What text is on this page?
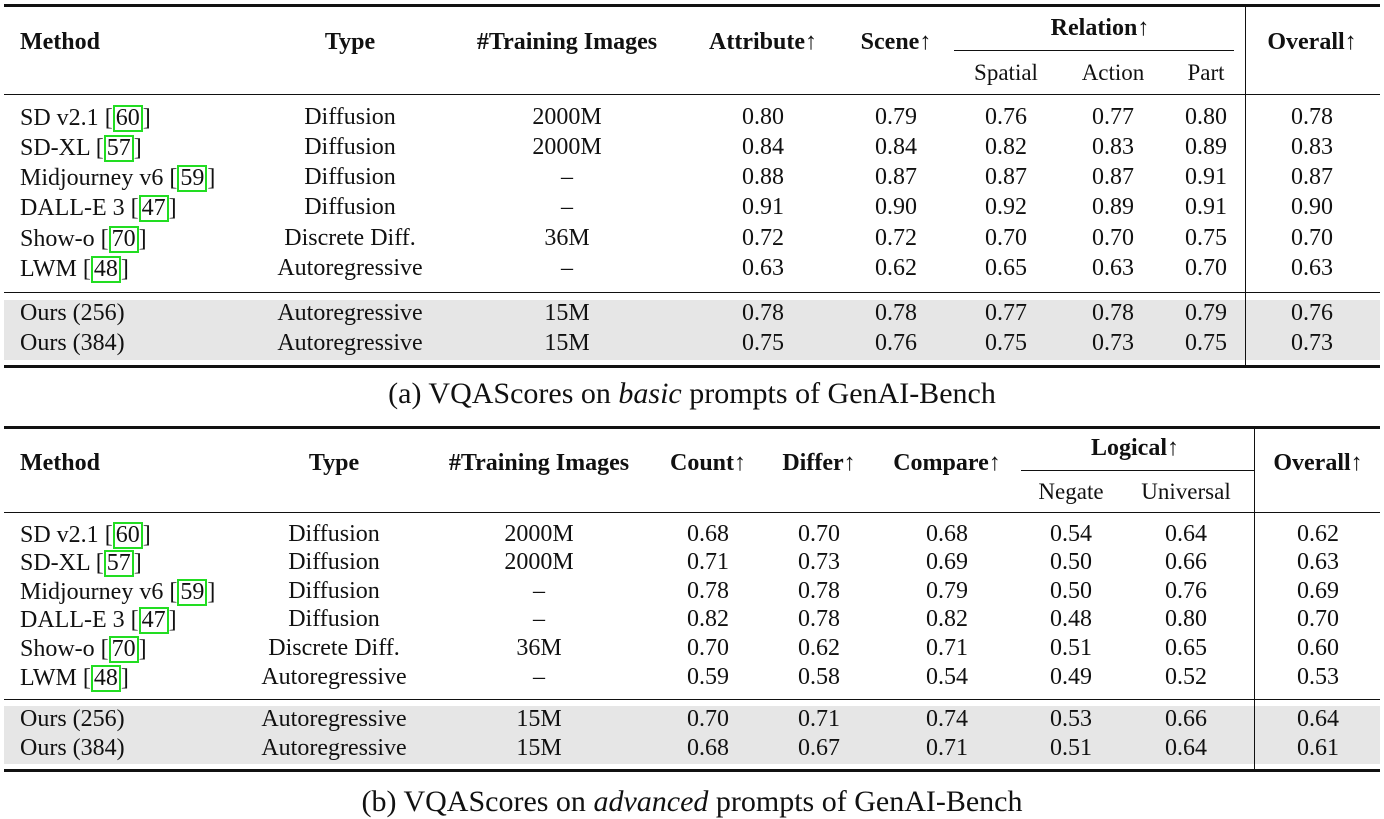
Method	Type	#Training Images Attribute↑ Scene↑
Relation↑
Spatial Action Part
Overall↑
SD v2.1 [ 60 ]	Diffusion	2000M	0.80	0.79	0.76	0.77 0.80	0.78
SD-XL [ 57 ]	Diffusion	2000M	0.84	0.84	0.82	0.83 0.89	0.83
Midjourney v6 [ 59 ]	Diffusion	–	0.88	0.87	0.87	0.87 0.91	0.87
DALL-E 3 [ 47 ]	Diffusion	–	0.91	0.90	0.92	0.89 0.91	0.90
Show-o [ 70 ]	Discrete Diff.	36M	0.72	0.72	0.70	0.70 0.75	0.70
LWM [ 48 ]	Autoregressive	–	0.63	0.62	0.65	0.63 0.70	0.63
Ours (256)	Autoregressive	15M	0.78	0.78	0.77	0.78 0.79	0.76
Ours (384)	Autoregressive	15M	0.75	0.76	0.75	0.73 0.75	0.73
(a) VQAScores on basic prompts of GenAI-Bench
Method	Type	#Training Images Count↑ Differ↑ Compare↑
Logical↑
Negate Universal
Overall↑
SD v2.1 [ 60 ]	Diffusion	2000M	0.68	0.70	0.68	0.54	0.64	0.62
SD-XL [ 57 ]	Diffusion	2000M	0.71	0.73	0.69	0.50	0.66	0.63
Midjourney v6 [ 59 ]	Diffusion	–	0.78	0.78	0.79	0.50	0.76	0.69
DALL-E 3 [ 47 ]	Diffusion	–	0.82	0.78	0.82	0.48	0.80	0.70
Show-o [ 70 ]	Discrete Diff.	36M	0.70	0.62	0.71	0.51	0.65	0.60
LWM [ 48 ]	Autoregressive	–	0.59	0.58	0.54	0.49	0.52	0.53
Ours (256)	Autoregressive	15M	0.70	0.71	0.74	0.53	0.66	0.64
Ours (384)	Autoregressive	15M	0.68	0.67	0.71	0.51	0.64	0.61
(b) VQAScores on advanced prompts of GenAI-Bench
